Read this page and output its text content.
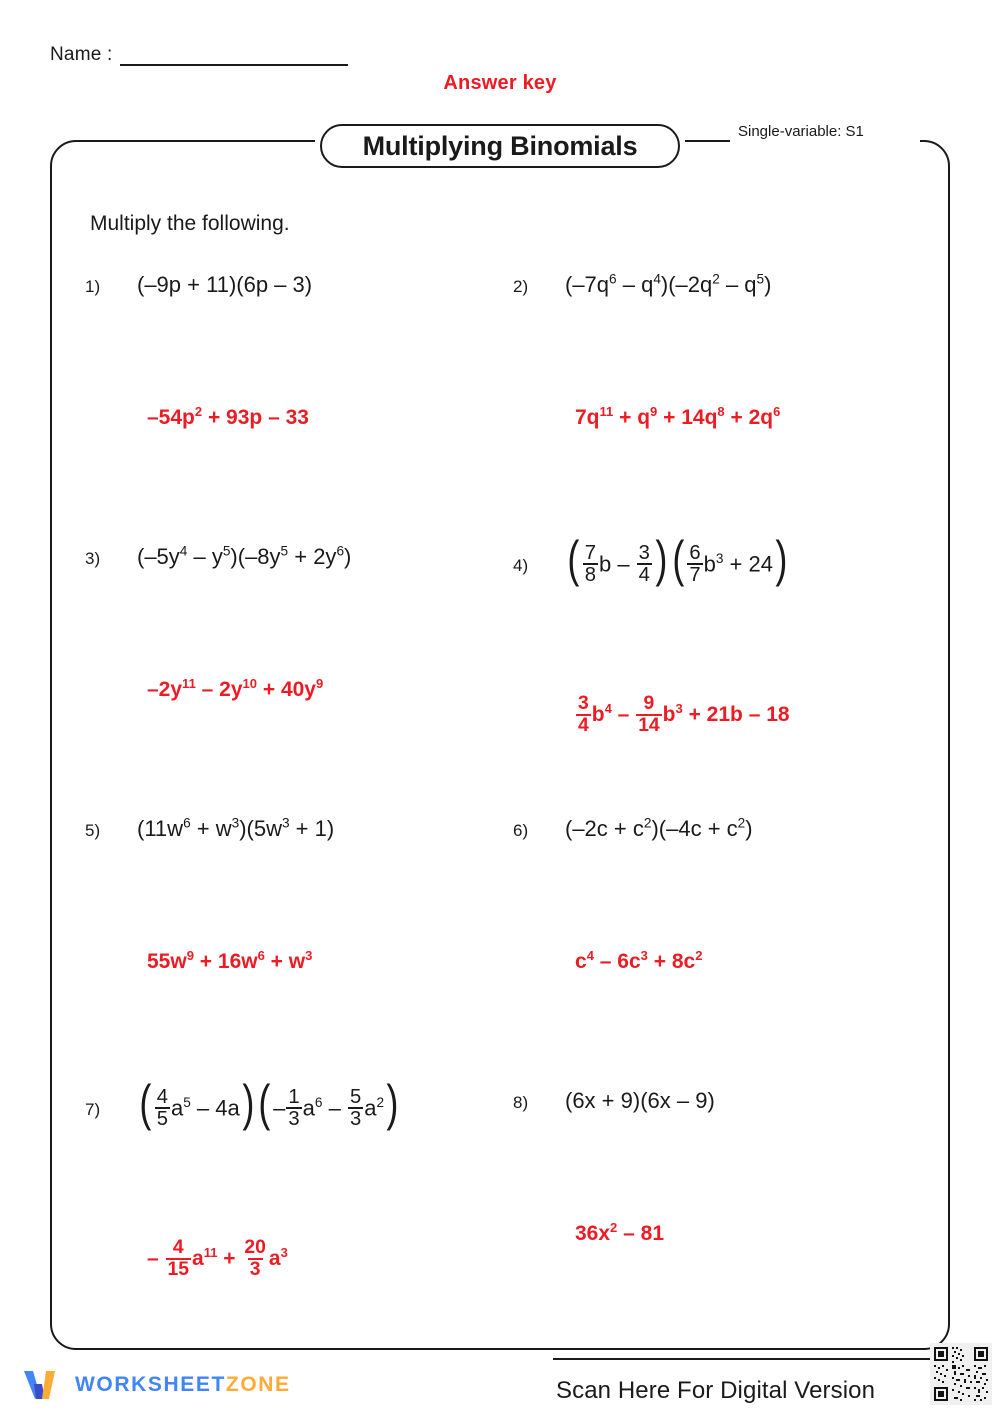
Name :
Answer key
Multiplying Binomials	Single-variable: S1
Multiply the following.
1)	(–9p + 11)(6p – 3)
$-54p^2 + 93p - 33$
2)	$(-7q^6 - q^4)(-2q^2 - q^5)$
$7q^{11} + q^9 + 14q^8 + 2q^6$
3)	$(-5y^4 - y^5)(-8y^5 + 2y^6)$
$-2y^{11} - 2y^{10} + 40y^9$
4) ( $\frac{7}{8}$ b – $\frac{3}{4}$ )( $\frac{6}{7} b^3 + 24$)
$\frac{3}{4} b^4 - \frac{9}{14} b^3 + 21b - 18$
5)	$(11w^6 + w^3)(5w^3 + 1)$
$55w^9 + 16w^6 + w^3$
6)	$(-2c + c^2)(-4c + c^2)$
$c^4 - 6c^3 + 8c^2$
7) ( $\frac{4}{5} a^5 - 4a)( - \frac{1}{3} a^6 - \frac{5}{3} a^2)$
– $\frac{4}{15} a^{11} + \frac{20}{3} a^3$
8)	(6x + 9)(6x – 9)
$36x^2 - 81$
WORKSHEETZONE	Scan Here For Digital Version
